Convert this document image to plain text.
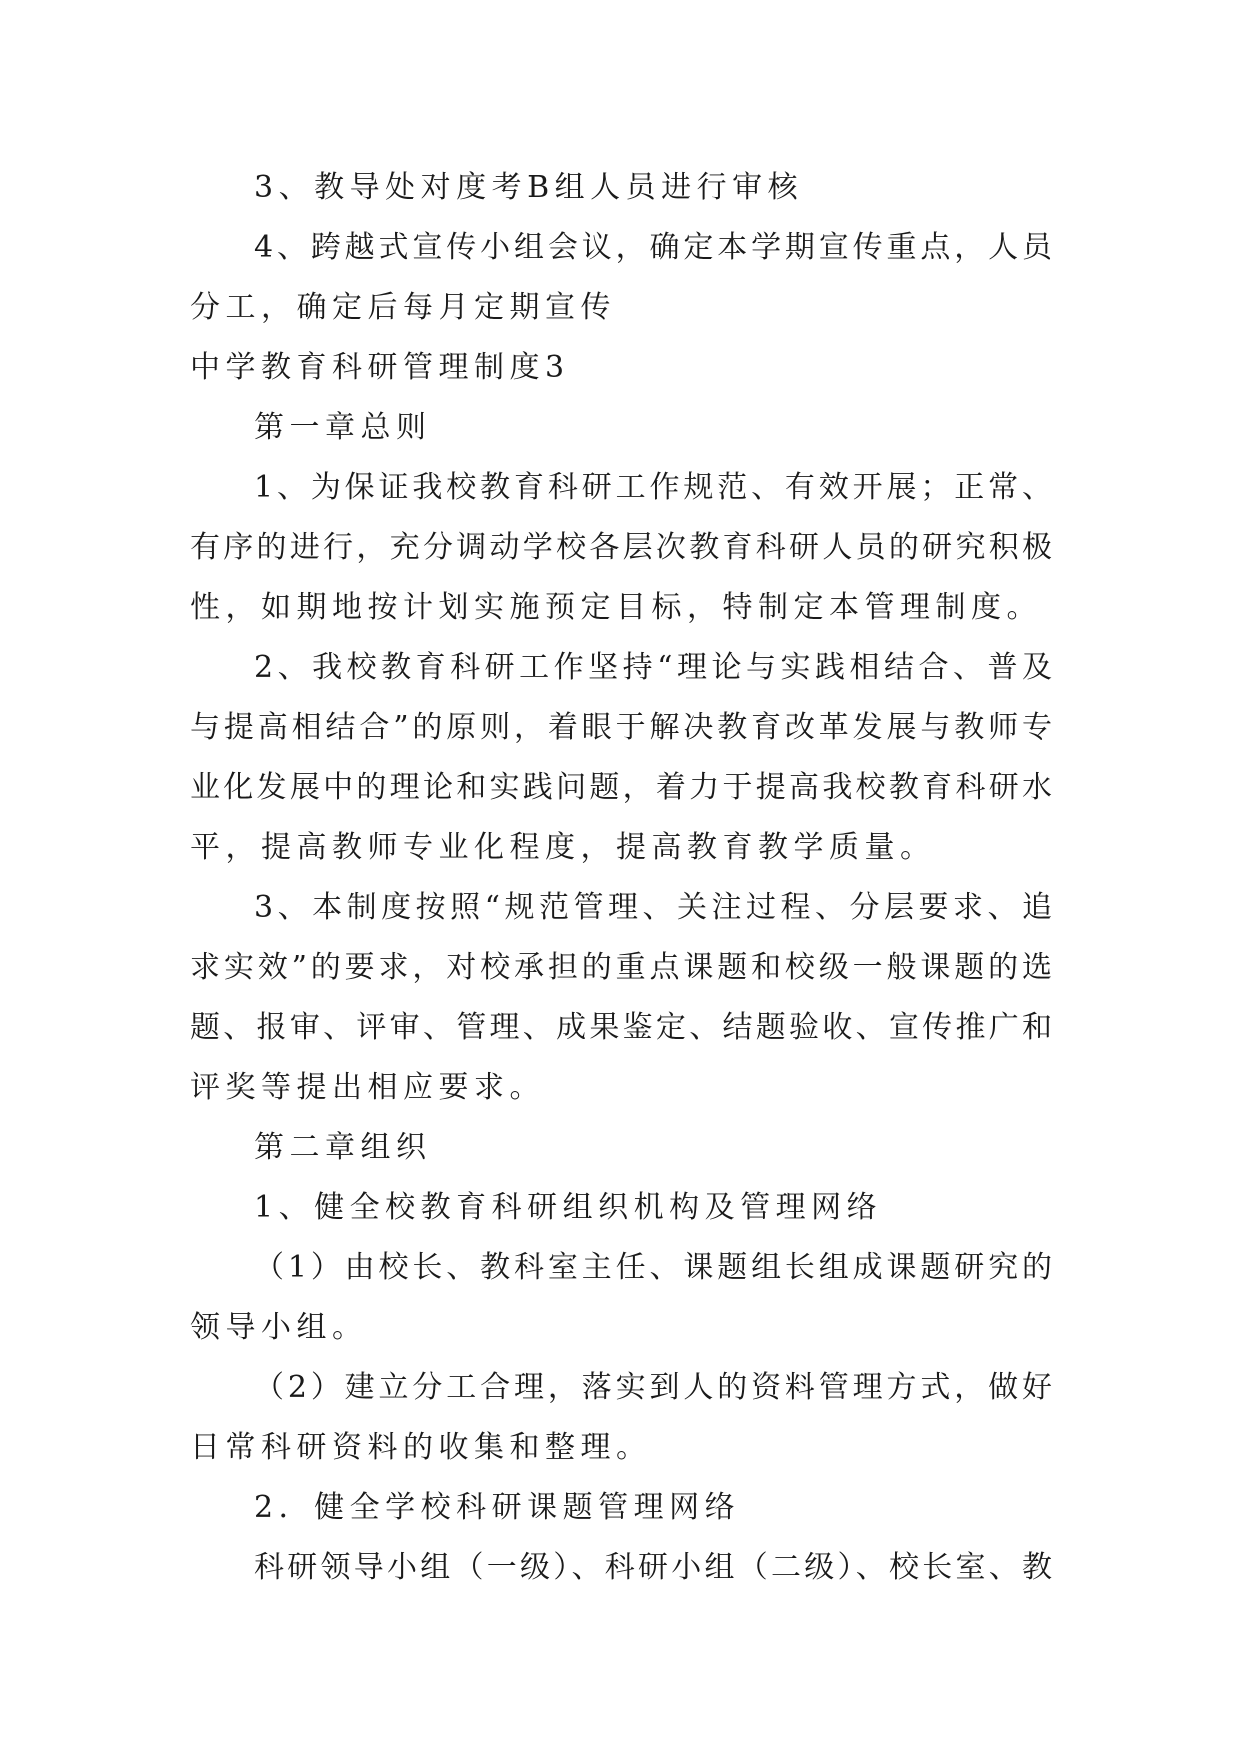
3、教导处对度考B组人员进行审核
4、跨越式宣传小组会议，确定本学期宣传重点，人员
分工，确定后每月定期宣传
中学教育科研管理制度3
第一章总则
1、为保证我校教育科研工作规范、有效开展；正常、
有序的进行，充分调动学校各层次教育科研人员的研究积极
性，如期地按计划实施预定目标，特制定本管理制度。
2、我校教育科研工作坚持“理论与实践相结合、普及
与提高相结合”的原则，着眼于解决教育改革发展与教师专
业化发展中的理论和实践问题，着力于提高我校教育科研水
平，提高教师专业化程度，提高教育教学质量。
3、本制度按照“规范管理、关注过程、分层要求、追
求实效”的要求，对校承担的重点课题和校级一般课题的选
题、报审、评审、管理、成果鉴定、结题验收、宣传推广和
评奖等提出相应要求。
第二章组织
1、健全校教育科研组织机构及管理网络
（1）由校长、教科室主任、课题组长组成课题研究的
领导小组。
（2）建立分工合理，落实到人的资料管理方式，做好
日常科研资料的收集和整理。
2．健全学校科研课题管理网络
科研领导小组（一级）、科研小组（二级）、校长室、教
